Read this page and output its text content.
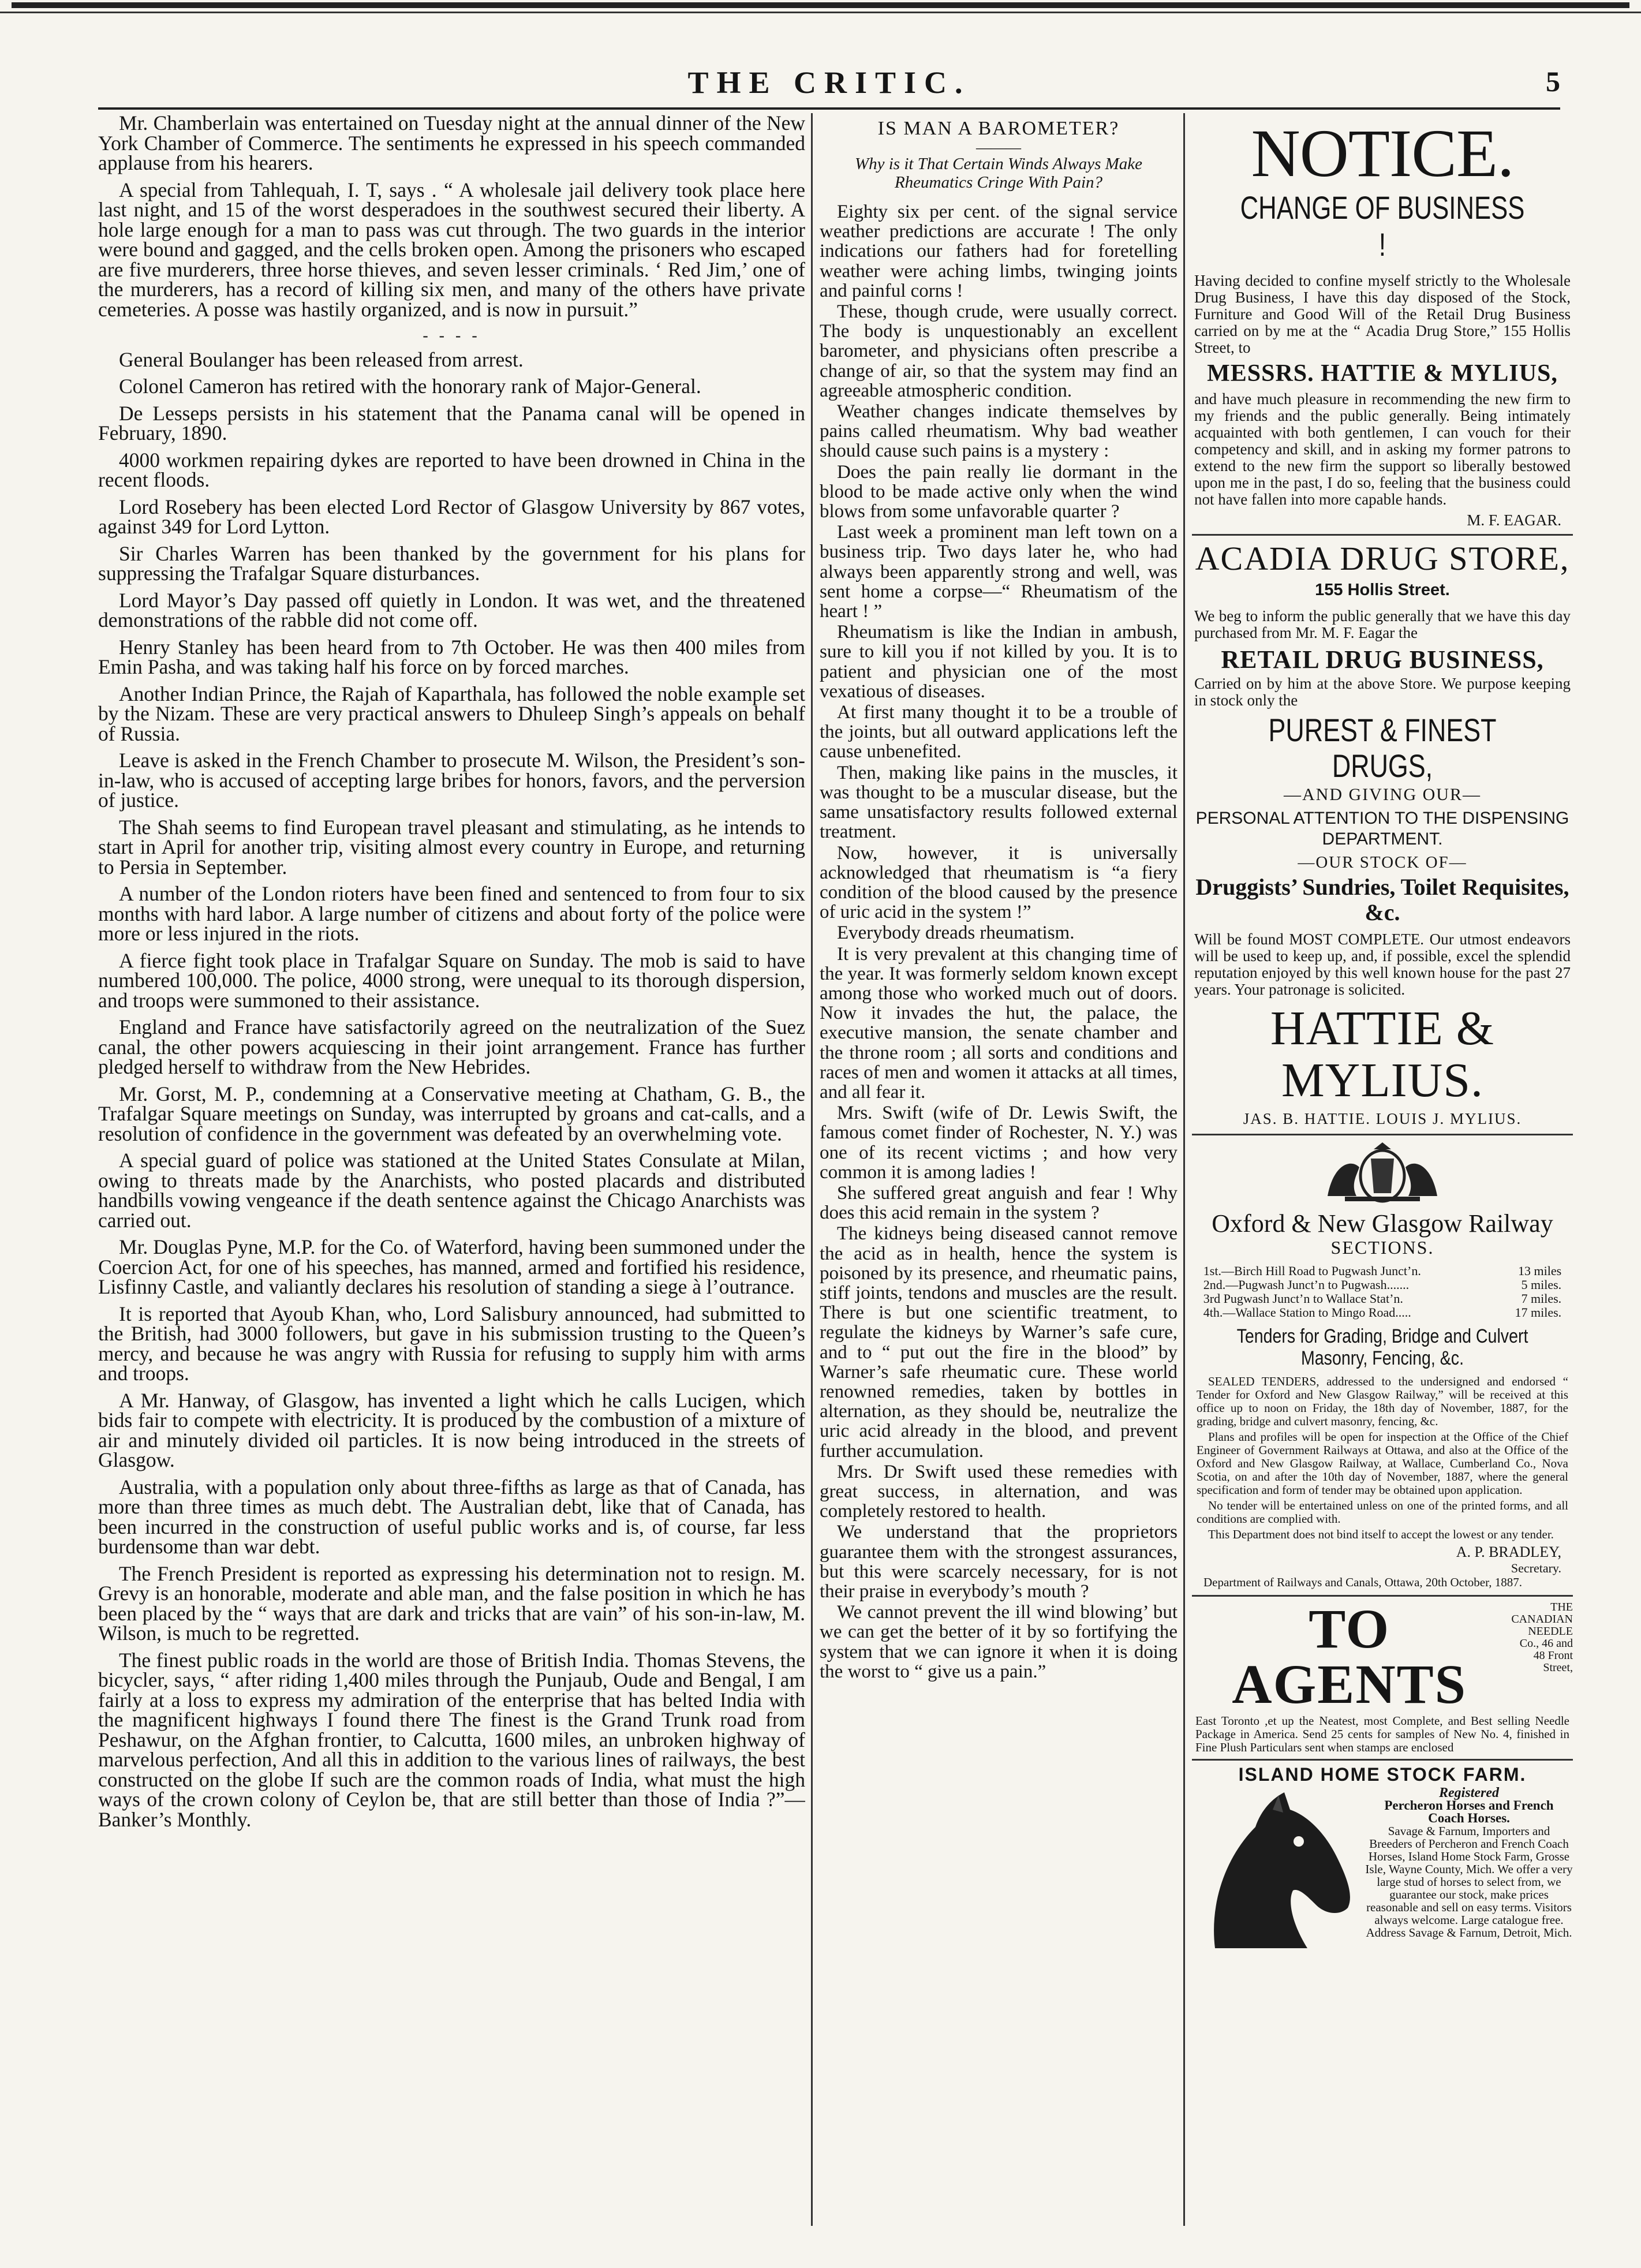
THE CRITIC.	5

Mr. Chamberlain was entertained on Tuesday night at the annual dinner of the New York Chamber of Commerce. The sentiments he expressed in his speech commanded applause from his hearers.

A special from Tahlequah, I. T, says . “ A wholesale jail delivery took place here last night, and 15 of the worst desperadoes in the southwest secured their liberty. A hole large enough for a man to pass was cut through. The two guards in the interior were bound and gagged, and the cells broken open. Among the prisoners who escaped are five murderers, three horse thieves, and seven lesser criminals. ‘ Red Jim,’ one of the murderers, has a record of killing six men, and many of the others have private cemeteries. A posse was hastily organized, and is now in pursuit.”

- - - -

General Boulanger has been released from arrest.

Colonel Cameron has retired with the honorary rank of Major-General.

De Lesseps persists in his statement that the Panama canal will be opened in February, 1890.

4000 workmen repairing dykes are reported to have been drowned in China in the recent floods.

Lord Rosebery has been elected Lord Rector of Glasgow University by 867 votes, against 349 for Lord Lytton.

Sir Charles Warren has been thanked by the government for his plans for suppressing the Trafalgar Square disturbances.

Lord Mayor’s Day passed off quietly in London. It was wet, and the threatened demonstrations of the rabble did not come off.

Henry Stanley has been heard from to 7th October. He was then 400 miles from Emin Pasha, and was taking half his force on by forced marches.

Another Indian Prince, the Rajah of Kaparthala, has followed the noble example set by the Nizam. These are very practical answers to Dhuleep Singh’s appeals on behalf of Russia.

Leave is asked in the French Chamber to prosecute M. Wilson, the President’s son-in-law, who is accused of accepting large bribes for honors, favors, and the perversion of justice.

The Shah seems to find European travel pleasant and stimulating, as he intends to start in April for another trip, visiting almost every country in Europe, and returning to Persia in September.

A number of the London rioters have been fined and sentenced to from four to six months with hard labor. A large number of citizens and about forty of the police were more or less injured in the riots.

A fierce fight took place in Trafalgar Square on Sunday. The mob is said to have numbered 100,000. The police, 4000 strong, were unequal to its thorough dispersion, and troops were summoned to their assistance.

England and France have satisfactorily agreed on the neutralization of the Suez canal, the other powers acquiescing in their joint arrangement. France has further pledged herself to withdraw from the New Hebrides.

Mr. Gorst, M. P., condemning at a Conservative meeting at Chatham, G. B., the Trafalgar Square meetings on Sunday, was interrupted by groans and cat-calls, and a resolution of confidence in the government was defeated by an overwhelming vote.

A special guard of police was stationed at the United States Consulate at Milan, owing to threats made by the Anarchists, who posted placards and distributed handbills vowing vengeance if the death sentence against the Chicago Anarchists was carried out.

Mr. Douglas Pyne, M.P. for the Co. of Waterford, having been summoned under the Coercion Act, for one of his speeches, has manned, armed and fortified his residence, Lisfinny Castle, and valiantly declares his resolution of standing a siege à l’outrance.

It is reported that Ayoub Khan, who, Lord Salisbury announced, had submitted to the British, had 3000 followers, but gave in his submission trusting to the Queen’s mercy, and because he was angry with Russia for refusing to supply him with arms and troops.

A Mr. Hanway, of Glasgow, has invented a light which he calls Lucigen, which bids fair to compete with electricity. It is produced by the combustion of a mixture of air and minutely divided oil particles. It is now being introduced in the streets of Glasgow.

Australia, with a population only about three-fifths as large as that of Canada, has more than three times as much debt. The Australian debt, like that of Canada, has been incurred in the construction of useful public works and is, of course, far less burdensome than war debt.

The French President is reported as expressing his determination not to resign. M. Grevy is an honorable, moderate and able man, and the false position in which he has been placed by the “ ways that are dark and tricks that are vain” of his son-in-law, M. Wilson, is much to be regretted.

The finest public roads in the world are those of British India. Thomas Stevens, the bicycler, says, “ after riding 1,400 miles through the Punjaub, Oude and Bengal, I am fairly at a loss to express my admiration of the enterprise that has belted India with the magnificent highways I found there The finest is the Grand Trunk road from Peshawur, on the Afghan frontier, to Calcutta, 1600 miles, an unbroken highway of marvelous perfection, And all this in addition to the various lines of railways, the best constructed on the globe If such are the common roads of India, what must the high ways of the crown colony of Ceylon be, that are still better than those of India ?”—Banker’s Monthly.

IS MAN A BAROMETER?
———
Why is it That Certain Winds Always Make Rheumatics Cringe With Pain?

Eighty six per cent. of the signal service weather predictions are accurate ! The only indications our fathers had for foretelling weather were aching limbs, twinging joints and painful corns !

These, though crude, were usually correct. The body is unquestionably an excellent barometer, and physicians often prescribe a change of air, so that the system may find an agreeable atmospheric condition.

Weather changes indicate themselves by pains called rheumatism. Why bad weather should cause such pains is a mystery :

Does the pain really lie dormant in the blood to be made active only when the wind blows from some unfavorable quarter ?

Last week a prominent man left town on a business trip. Two days later he, who had always been apparently strong and well, was sent home a corpse—“ Rheumatism of the heart ! ”

Rheumatism is like the Indian in ambush, sure to kill you if not killed by you. It is to patient and physician one of the most vexatious of diseases.

At first many thought it to be a trouble of the joints, but all outward applications left the cause unbenefited.

Then, making like pains in the muscles, it was thought to be a muscular disease, but the same unsatisfactory results followed external treatment.

Now, however, it is universally acknowledged that rheumatism is “a fiery condition of the blood caused by the presence of uric acid in the system !”

Everybody dreads rheumatism.

It is very prevalent at this changing time of the year. It was formerly seldom known except among those who worked much out of doors. Now it invades the hut, the palace, the executive mansion, the senate chamber and the throne room ; all sorts and conditions and races of men and women it attacks at all times, and all fear it.

Mrs. Swift (wife of Dr. Lewis Swift, the famous comet finder of Rochester, N. Y.) was one of its recent victims ; and how very common it is among ladies !

She suffered great anguish and fear ! Why does this acid remain in the system ?

The kidneys being diseased cannot remove the acid as in health, hence the system is poisoned by its presence, and rheumatic pains, stiff joints, tendons and muscles are the result. There is but one scientific treatment, to regulate the kidneys by Warner’s safe cure, and to “ put out the fire in the blood” by Warner’s safe rheumatic cure. These world renowned remedies, taken by bottles in alternation, as they should be, neutralize the uric acid already in the blood, and prevent further accumulation.

Mrs. Dr Swift used these remedies with great success, in alternation, and was completely restored to health.

We understand that the proprietors guarantee them with the strongest assurances, but this were scarcely necessary, for is not their praise in everybody’s mouth ?

We cannot prevent the ill wind blowing’ but we can get the better of it by so fortifying the system that we can ignore it when it is doing the worst to “ give us a pain.”

NOTICE.
CHANGE OF BUSINESS !
Having decided to confine myself strictly to the Wholesale Drug Business, I have this day disposed of the Stock, Furniture and Good Will of the Retail Drug Business carried on by me at the “ Acadia Drug Store,” 155 Hollis Street, to
MESSRS. HATTIE & MYLIUS,
and have much pleasure in recommending the new firm to my friends and the public generally. Being intimately acquainted with both gentlemen, I can vouch for their competency and skill, and in asking my former patrons to extend to the new firm the support so liberally bestowed upon me in the past, I do so, feeling that the business could not have fallen into more capable hands.
M. F. EAGAR.
ACADIA DRUG STORE,
155 Hollis Street.
We beg to inform the public generally that we have this day purchased from Mr. M. F. Eagar the
RETAIL DRUG BUSINESS,
Carried on by him at the above Store. We purpose keeping in stock only the
PUREST & FINEST DRUGS,
—AND GIVING OUR—
PERSONAL ATTENTION TO THE DISPENSING DEPARTMENT.
—OUR STOCK OF—
Druggists’ Sundries, Toilet Requisites, &c.
Will be found MOST COMPLETE. Our utmost endeavors will be used to keep up, and, if possible, excel the splendid reputation enjoyed by this well known house for the past 27 years. Your patronage is solicited.
HATTIE & MYLIUS.
JAS. B. HATTIE. LOUIS J. MYLIUS.
Oxford & New Glasgow Railway
SECTIONS.
1st.—Birch Hill Road to Pugwash Junct’n.	13 miles
2nd.—Pugwash Junct’n to Pugwash.......	5 miles.
3rd Pugwash Junct’n to Wallace Stat’n.	7 miles.
4th.—Wallace Station to Mingo Road.....	17 miles.
Tenders for Grading, Bridge and Culvert Masonry, Fencing, &c.
SEALED TENDERS, addressed to the undersigned and endorsed “ Tender for Oxford and New Glasgow Railway,” will be received at this office up to noon on Friday, the 18th day of November, 1887, for the grading, bridge and culvert masonry, fencing, &c.
Plans and profiles will be open for inspection at the Office of the Chief Engineer of Government Railways at Ottawa, and also at the Office of the Oxford and New Glasgow Railway, at Wallace, Cumberland Co., Nova Scotia, on and after the 10th day of November, 1887, where the general specification and form of tender may be obtained upon application.
No tender will be entertained unless on one of the printed forms, and all conditions are complied with.
This Department does not bind itself to accept the lowest or any tender.
A. P. BRADLEY,
Secretary.
Department of Railways and Canals, Ottawa, 20th October, 1887.
TO AGENTS
THE CANADIAN NEEDLE Co., 46 and 48 Front Street,
East Toronto ,et up the Neatest, most Complete, and Best selling Needle Package in America. Send 25 cents for samples of New No. 4, finished in Fine Plush Particulars sent when stamps are enclosed
ISLAND HOME STOCK FARM.
Registered
Percheron Horses and French Coach Horses.
Savage & Farnum, Importers and Breeders of Percheron and French Coach Horses, Island Home Stock Farm, Grosse Isle, Wayne County, Mich. We offer a very large stud of horses to select from, we guarantee our stock, make prices reasonable and sell on easy terms. Visitors always welcome. Large catalogue free. Address Savage & Farnum, Detroit, Mich.
